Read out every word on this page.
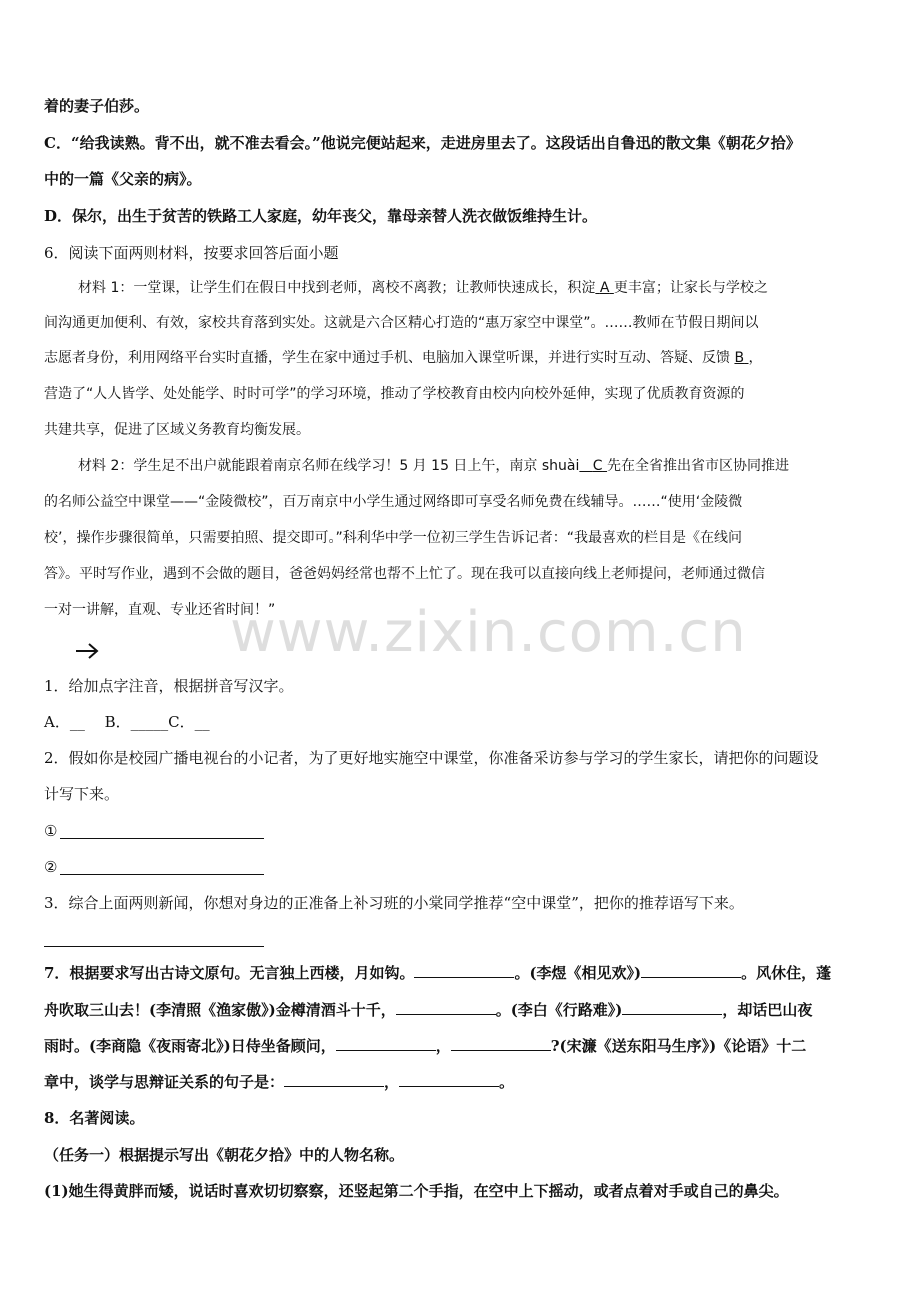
www.zixin.com.cn
着的妻子伯莎。
C．“给我读熟。背不出，就不准去看会。”他说完便站起来，走进房里去了。这段话出自鲁迅的散文集《朝花夕拾》
中的一篇《父亲的病》。
D．保尔，出生于贫苦的铁路工人家庭，幼年丧父，靠母亲替人洗衣做饭维持生计。
6．阅读下面两则材料，按要求回答后面小题
材料 1：一堂课，让学生们在假日中找到老师，离校不离教；让教师快速成长，积淀 A 更丰富；让家长与学校之
间沟通更加便利、有效，家校共育落到实处。这就是六合区精心打造的“惠万家空中课堂”。……教师在节假日期间以
志愿者身份，利用网络平台实时直播，学生在家中通过手机、电脑加入课堂听课，并进行实时互动、答疑、反馈 B ，
营造了“人人皆学、处处能学、时时可学”的学习环境，推动了学校教育由校内向校外延伸，实现了优质教育资源的
共建共享，促进了区域义务教育均衡发展。
材料 2：学生足不出户就能跟着南京名师在线学习！5 月 15 日上午，南京 shuài C 先在全省推出省市区协同推进
的名师公益空中课堂——“金陵微校”，百万南京中小学生通过网络即可享受名师免费在线辅导。……“使用‘金陵微
校’，操作步骤很简单，只需要拍照、提交即可。”科利华中学一位初三学生告诉记者：“我最喜欢的栏目是《在线问
答》。平时写作业，遇到不会做的题目，爸爸妈妈经常也帮不上忙了。现在我可以直接向线上老师提问，老师通过微信
一对一讲解，直观、专业还省时间！”
1．给加点字注音，根据拼音写汉字。
A．__ 　B．_____C．__
2．假如你是校园广播电视台的小记者，为了更好地实施空中课堂，你准备采访参与学习的学生家长，请把你的问题设
计写下来。
①
②
3．综合上面两则新闻，你想对身边的正准备上补习班的小棠同学推荐“空中课堂”，把你的推荐语写下来。
7．根据要求写出古诗文原句。无言独上西楼，月如钩。	。(李煜《相见欢》)	。风休住，蓬
舟吹取三山去！(李清照《渔家傲》)金樽清酒斗十千，	。(李白《行路难》)	，却话巴山夜
雨时。(李商隐《夜雨寄北》)日侍坐备顾问，	，	?(宋濂《送东阳马生序》)《论语》十二
章中，谈学与思辩证关系的句子是：	，	。
8．名著阅读。
（任务一）根据提示写出《朝花夕拾》中的人物名称。
(1)她生得黄胖而矮，说话时喜欢切切察察，还竖起第二个手指，在空中上下摇动，或者点着对手或自己的鼻尖。
